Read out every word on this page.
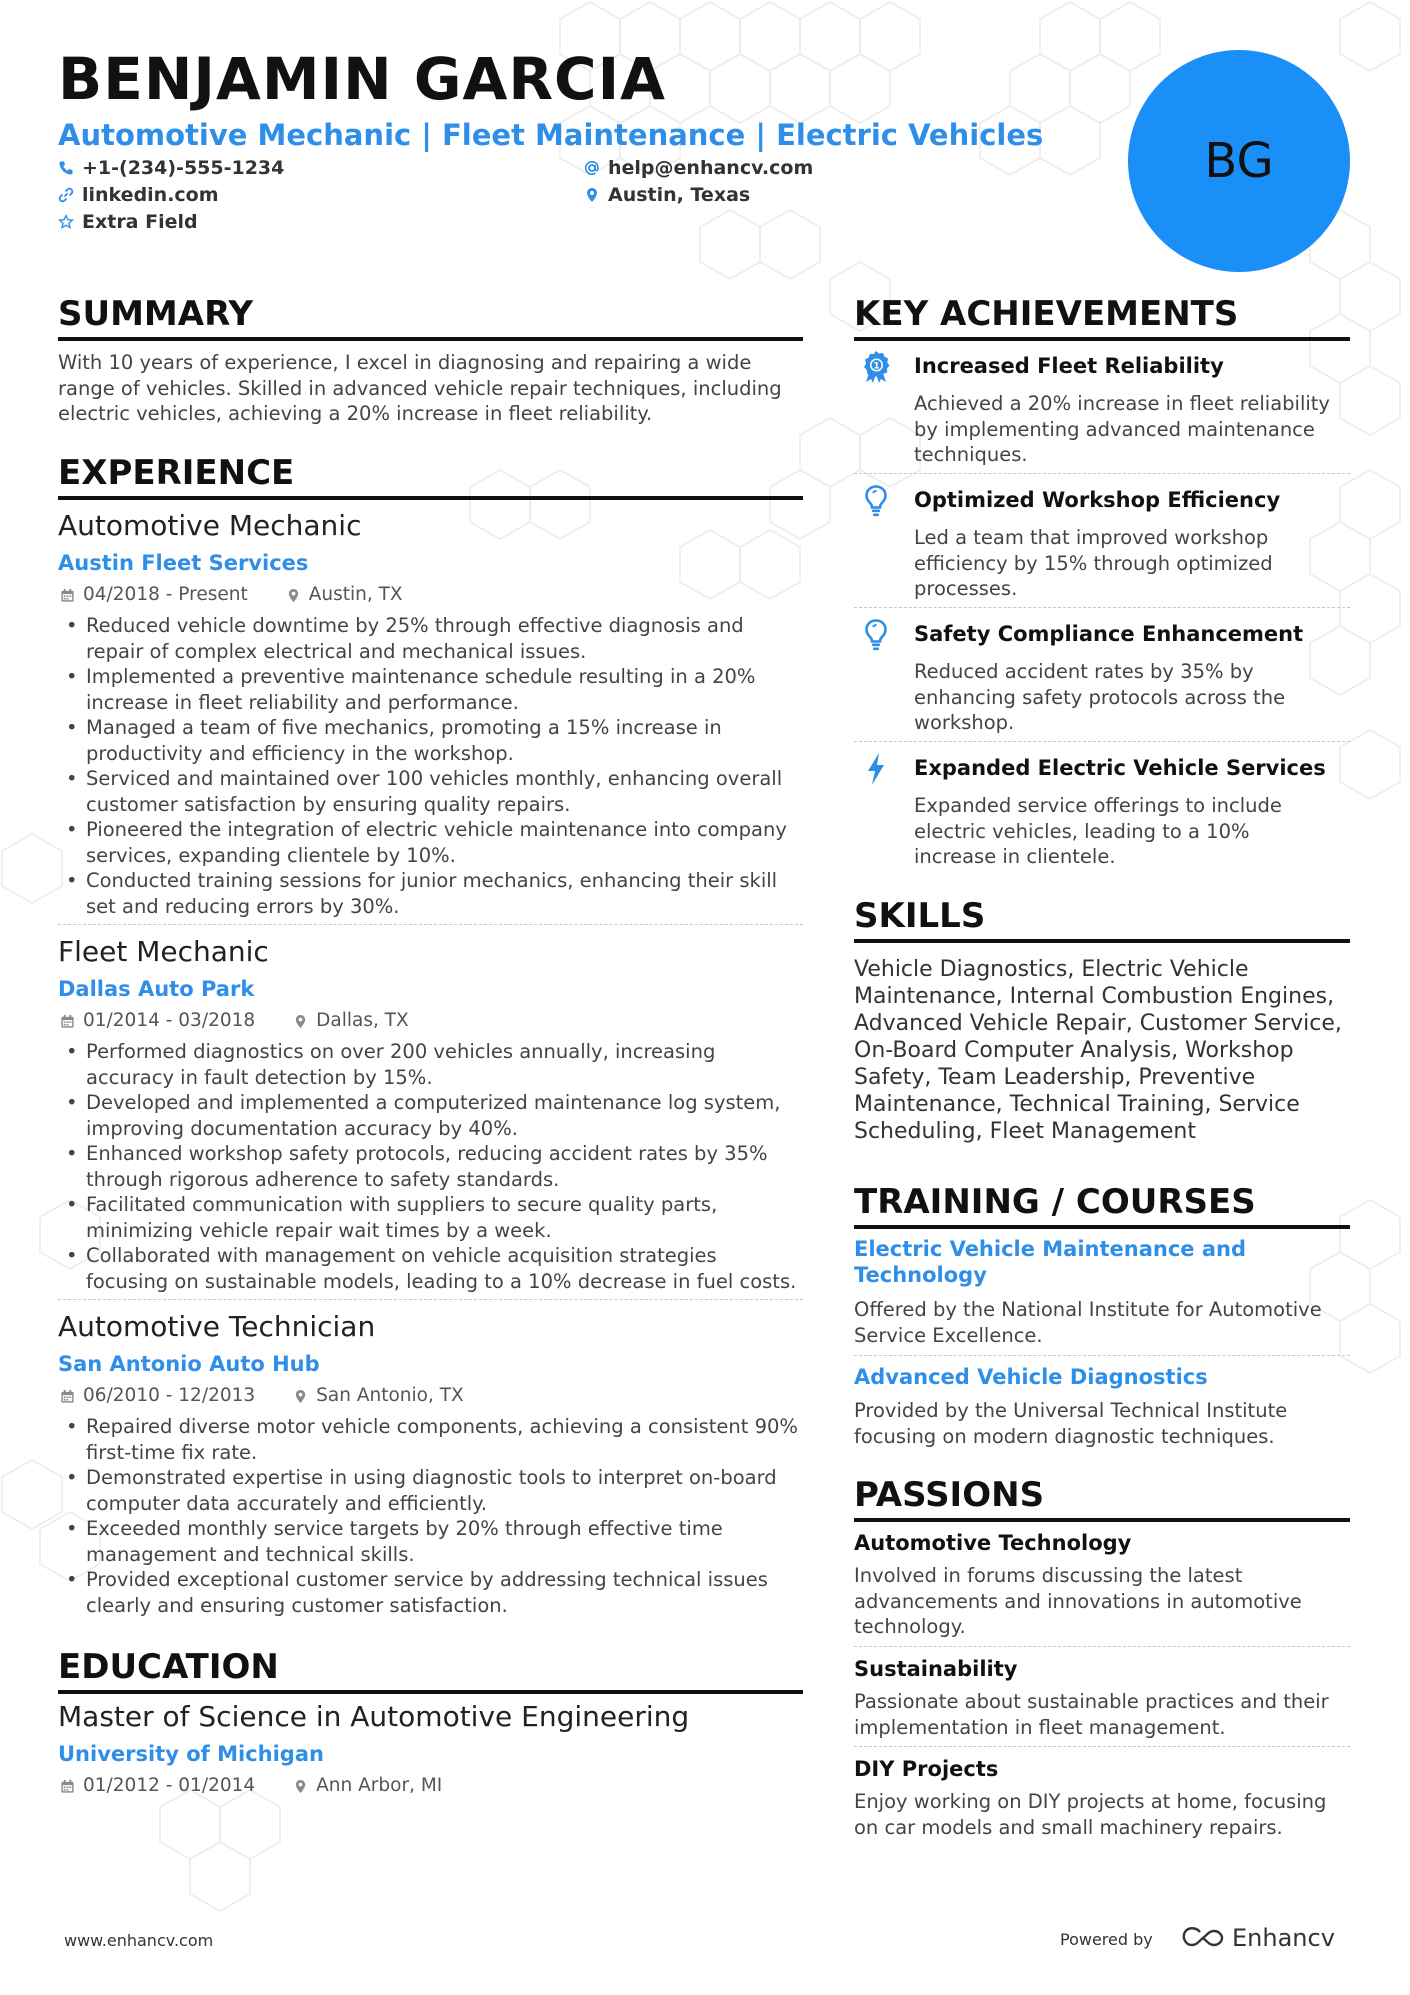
BENJAMIN GARCIA
Automotive Mechanic | Fleet Maintenance | Electric Vehicles
+1-(234)-555-1234	help@enhancv.com
linkedin.com	Austin, Texas
Extra Field
BG
SUMMARY
With 10 years of experience, I excel in diagnosing and repairing a wide range of vehicles. Skilled in advanced vehicle repair techniques, including electric vehicles, achieving a 20% increase in fleet reliability.
EXPERIENCE
Automotive Mechanic
Austin Fleet Services
04/2018 - Present	Austin, TX
• Reduced vehicle downtime by 25% through effective diagnosis and repair of complex electrical and mechanical issues.
• Implemented a preventive maintenance schedule resulting in a 20% increase in fleet reliability and performance.
• Managed a team of five mechanics, promoting a 15% increase in productivity and efficiency in the workshop.
• Serviced and maintained over 100 vehicles monthly, enhancing overall customer satisfaction by ensuring quality repairs.
• Pioneered the integration of electric vehicle maintenance into company services, expanding clientele by 10%.
• Conducted training sessions for junior mechanics, enhancing their skill set and reducing errors by 30%.
Fleet Mechanic
Dallas Auto Park
01/2014 - 03/2018	Dallas, TX
• Performed diagnostics on over 200 vehicles annually, increasing accuracy in fault detection by 15%.
• Developed and implemented a computerized maintenance log system, improving documentation accuracy by 40%.
• Enhanced workshop safety protocols, reducing accident rates by 35% through rigorous adherence to safety standards.
• Facilitated communication with suppliers to secure quality parts, minimizing vehicle repair wait times by a week.
• Collaborated with management on vehicle acquisition strategies focusing on sustainable models, leading to a 10% decrease in fuel costs.
Automotive Technician
San Antonio Auto Hub
06/2010 - 12/2013	San Antonio, TX
• Repaired diverse motor vehicle components, achieving a consistent 90% first-time fix rate.
• Demonstrated expertise in using diagnostic tools to interpret on-board computer data accurately and efficiently.
• Exceeded monthly service targets by 20% through effective time management and technical skills.
• Provided exceptional customer service by addressing technical issues clearly and ensuring customer satisfaction.
EDUCATION
Master of Science in Automotive Engineering
University of Michigan
01/2012 - 01/2014	Ann Arbor, MI
KEY ACHIEVEMENTS
1 Increased Fleet Reliability
Achieved a 20% increase in fleet reliability by implementing advanced maintenance techniques.
Optimized Workshop Efficiency
Led a team that improved workshop efficiency by 15% through optimized processes.
Safety Compliance Enhancement
Reduced accident rates by 35% by enhancing safety protocols across the workshop.
Expanded Electric Vehicle Services
Expanded service offerings to include electric vehicles, leading to a 10% increase in clientele.
SKILLS
Vehicle Diagnostics, Electric Vehicle Maintenance, Internal Combustion Engines, Advanced Vehicle Repair, Customer Service, On-Board Computer Analysis, Workshop Safety, Team Leadership, Preventive Maintenance, Technical Training, Service Scheduling, Fleet Management
TRAINING / COURSES
Electric Vehicle Maintenance and Technology
Offered by the National Institute for Automotive Service Excellence.
Advanced Vehicle Diagnostics
Provided by the Universal Technical Institute focusing on modern diagnostic techniques.
PASSIONS
Automotive Technology
Involved in forums discussing the latest advancements and innovations in automotive technology.
Sustainability
Passionate about sustainable practices and their implementation in fleet management.
DIY Projects
Enjoy working on DIY projects at home, focusing on car models and small machinery repairs.
www.enhancv.com	Powered by	Enhancv
